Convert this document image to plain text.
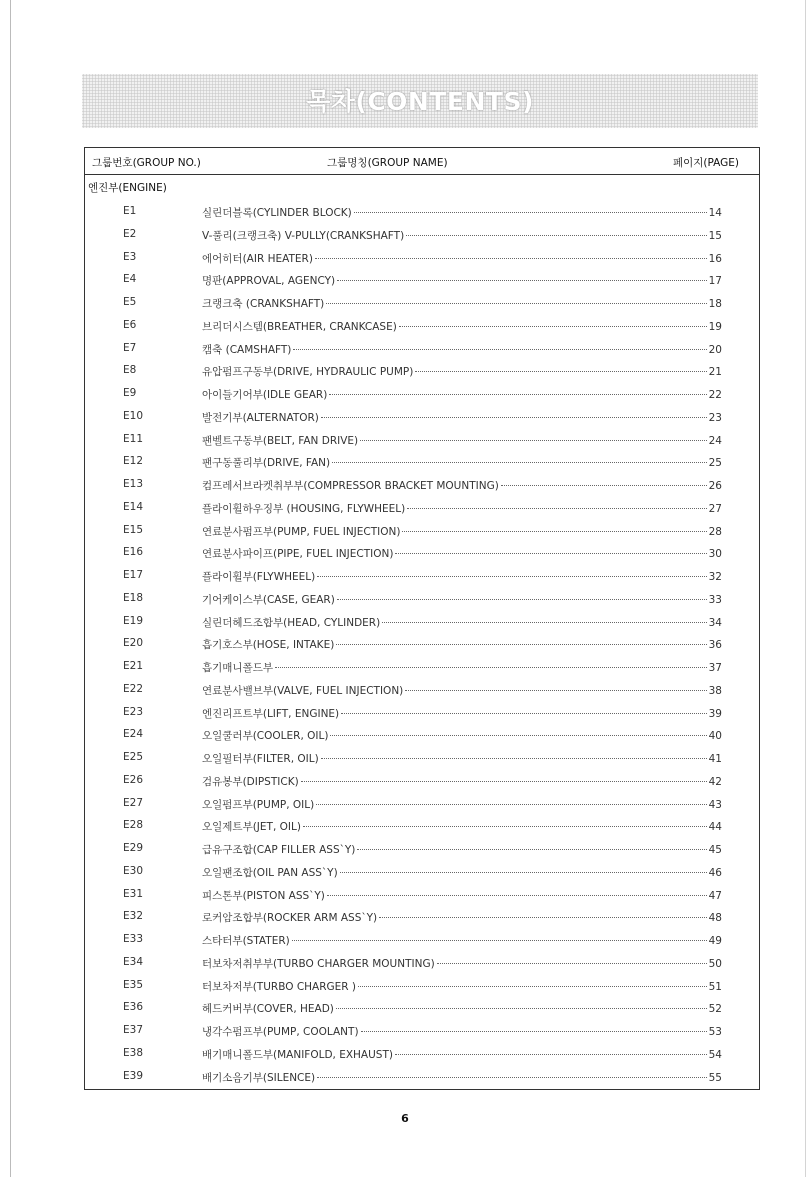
목차(CONTENTS)
그룹번호(GROUP NO.)	그룹명칭(GROUP NAME)	페이지(PAGE)
엔진부(ENGINE)
E1	실린더블록(CYLINDER BLOCK)	14
E2	V-풀리(크랭크축) V-PULLY(CRANKSHAFT)	15
E3	에어히터(AIR HEATER)	16
E4	명판(APPROVAL, AGENCY)	17
E5	크랭크축 (CRANKSHAFT)	18
E6	브리더시스템(BREATHER, CRANKCASE)	19
E7	캠축 (CAMSHAFT)	20
E8	유압펌프구동부(DRIVE, HYDRAULIC PUMP)	21
E9	아이들기어부(IDLE GEAR)	22
E10	발전기부(ALTERNATOR)	23
E11	팬벨트구동부(BELT, FAN DRIVE)	24
E12	팬구동풀리부(DRIVE, FAN)	25
E13	컴프레서브라켓취부부(COMPRESSOR BRACKET MOUNTING)	26
E14	플라이휠하우징부 (HOUSING, FLYWHEEL)	27
E15	연료분사펌프부(PUMP, FUEL INJECTION)	28
E16	연료분사파이프(PIPE, FUEL INJECTION)	30
E17	플라이휠부(FLYWHEEL)	32
E18	기어케이스부(CASE, GEAR)	33
E19	실린더헤드조합부(HEAD, CYLINDER)	34
E20	흡기호스부(HOSE, INTAKE)	36
E21	흡기매니폴드부	37
E22	연료분사밸브부(VALVE, FUEL INJECTION)	38
E23	엔진리프트부(LIFT, ENGINE)	39
E24	오일쿨러부(COOLER, OIL)	40
E25	오일필터부(FILTER, OIL)	41
E26	검유봉부(DIPSTICK)	42
E27	오일펌프부(PUMP, OIL)	43
E28	오일제트부(JET, OIL)	44
E29	급유구조합(CAP FILLER ASS`Y)	45
E30	오일팬조합(OIL PAN ASS`Y)	46
E31	피스톤부(PISTON ASS`Y)	47
E32	로커암조합부(ROCKER ARM ASS`Y)	48
E33	스타터부(STATER)	49
E34	터보차저취부부(TURBO CHARGER MOUNTING)	50
E35	터보차저부(TURBO CHARGER )	51
E36	헤드커버부(COVER, HEAD)	52
E37	냉각수펌프부(PUMP, COOLANT)	53
E38	배기매니폴드부(MANIFOLD, EXHAUST)	54
E39	배기소음기부(SILENCE)	55
6
